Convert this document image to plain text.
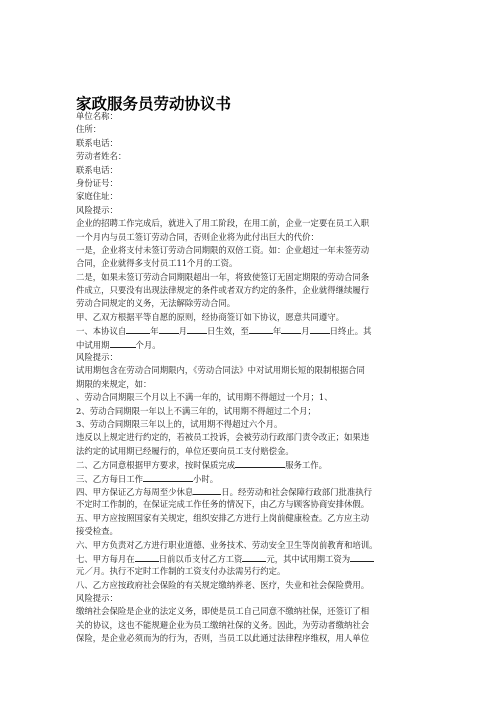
家政服务员劳动协议书
单位名称：
住所：
联系电话：
劳动者姓名：
联系电话：
身份证号：
家庭住址：
风险提示：
企业的招聘工作完成后，就进入了用工阶段，在用工前，企业一定要在员工入职
一个月内与员工签订劳动合同，否则企业将为此付出巨大的代价：
一是，企业将支付未签订劳动合同期限的双倍工资。如：企业超过一年未签劳动
合同，企业就得多支付员工11个月的工资。
二是，如果未签订劳动合同期限超出一年，将致使签订无固定期限的劳动合同条
件成立，只要没有出现法律规定的条件或者双方约定的条件，企业就得继续履行
劳动合同规定的义务，无法解除劳动合同。
甲、乙双方根据平等自愿的原则，经协商签订如下协议，愿意共同遵守。
一、本协议自	年 月 日生效，至	年 月 日终止。其
中试用期	个月。
风险提示：
试用期包含在劳动合同期限内，《劳动合同法》中对试用期长短的限制根据合同
期限的来规定，如：
、劳动合同期限三个月以上不满一年的，试用期不得超过一个月；1、
2、劳动合同期限一年以上不满三年的，试用期不得超过二个月；
3、劳动合同期限三年以上的，试用期不得超过六个月。
违反以上规定进行约定的，若被员工投诉，会被劳动行政部门责令改正；如果违
法约定的试用期已经履行的，单位还要向员工支付赔偿金。
二、乙方同意根据甲方要求，按时保质完成	服务工作。
三、乙方每日工作	小时。
四、甲方保证乙方每周至少休息	日。经劳动和社会保障行政部门批准执行
不定时工作制的，在保证完成工作任务的情况下，由乙方与顾客协商安排休假。
五、甲方应按照国家有关规定，组织安排乙方进行上岗前健康检查。乙方应主动
接受检查。
六、甲方负责对乙方进行职业道德、业务技术、劳动安全卫生等岗前教育和培训。
七、甲方每月在	日前以币支付乙方工资	元，其中试用期工资为
元／月。执行不定时工作制的工资支付办法需另行约定。
八、乙方应按政府社会保险的有关规定缴纳养老、医疗，失业和社会保险费用。
风险提示：
缴纳社会保险是企业的法定义务，即使是员工自己同意不缴纳社保，还签订了相
关的协议，这也不能规避企业为员工缴纳社保的义务。因此，为劳动者缴纳社会
保险，是企业必须而为的行为，否则，当员工以此通过法律程序维权，用人单位
